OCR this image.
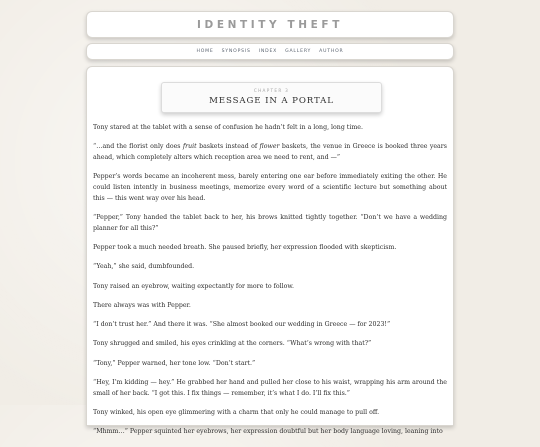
IDENTITY THEFT
HOME SYNOPSIS INDEX GALLERY AUTHOR
CHAPTER 3
MESSAGE IN A PORTAL

Tony stared at the tablet with a sense of confusion he hadn’t felt in a long, long time.

“…and the florist only does fruit baskets instead of flower baskets, the venue in Greece is booked three years ahead, which completely alters which reception area we need to rent, and —”

Pepper’s words became an incoherent mess, barely entering one ear before immediately exiting the other. He could listen intently in business meetings, memorize every word of a scientific lecture but something about this — this went way over his head.

“Pepper,” Tony handed the tablet back to her, his brows knitted tightly together. “Don’t we have a wedding planner for all this?”

Pepper took a much needed breath. She paused briefly, her expression flooded with skepticism.

“Yeah,” she said, dumbfounded.

Tony raised an eyebrow, waiting expectantly for more to follow.

There always was with Pepper.

“I don’t trust her.” And there it was. “She almost booked our wedding in Greece — for 2023!”

Tony shrugged and smiled, his eyes crinkling at the corners. “What’s wrong with that?”

“Tony,” Pepper warned, her tone low. “Don’t start.”

“Hey, I’m kidding — hey.” He grabbed her hand and pulled her close to his waist, wrapping his arm around the small of her back. “I got this. I fix things — remember, it’s what I do. I’ll fix this.”

Tony winked, his open eye glimmering with a charm that only he could manage to pull off.

“Mhmm…” Pepper squinted her eyebrows, her expression doubtful but her body language loving, leaning into
